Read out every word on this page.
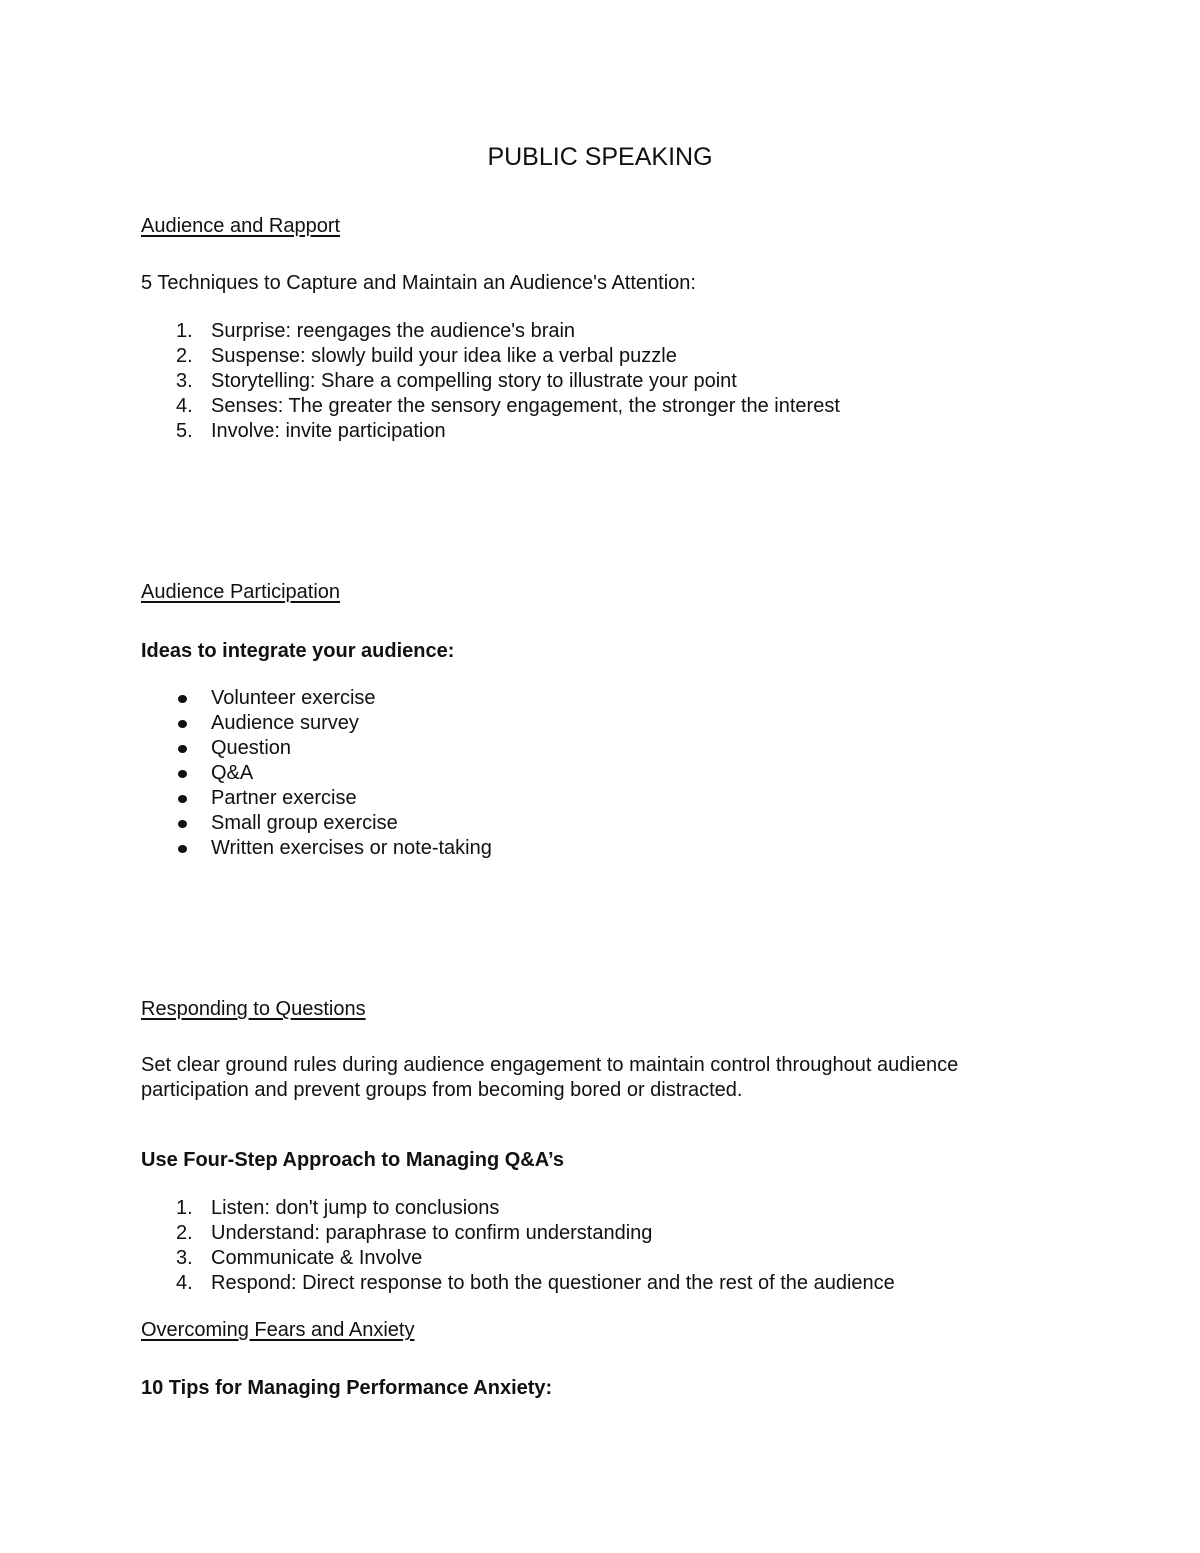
PUBLIC SPEAKING
Audience and Rapport
5 Techniques to Capture and Maintain an Audience's Attention:
1. Surprise: reengages the audience's brain
2. Suspense: slowly build your idea like a verbal puzzle
3. Storytelling: Share a compelling story to illustrate your point
4. Senses: The greater the sensory engagement, the stronger the interest
5. Involve: invite participation
Audience Participation
Ideas to integrate your audience:
Volunteer exercise
Audience survey
Question
Q&A
Partner exercise
Small group exercise
Written exercises or note-taking
Responding to Questions
Set clear ground rules during audience engagement to maintain control throughout audience participation and prevent groups from becoming bored or distracted.
Use Four-Step Approach to Managing Q&A’s
1. Listen: don't jump to conclusions
2. Understand: paraphrase to confirm understanding
3. Communicate & Involve
4. Respond: Direct response to both the questioner and the rest of the audience
Overcoming Fears and Anxiety
10 Tips for Managing Performance Anxiety:
